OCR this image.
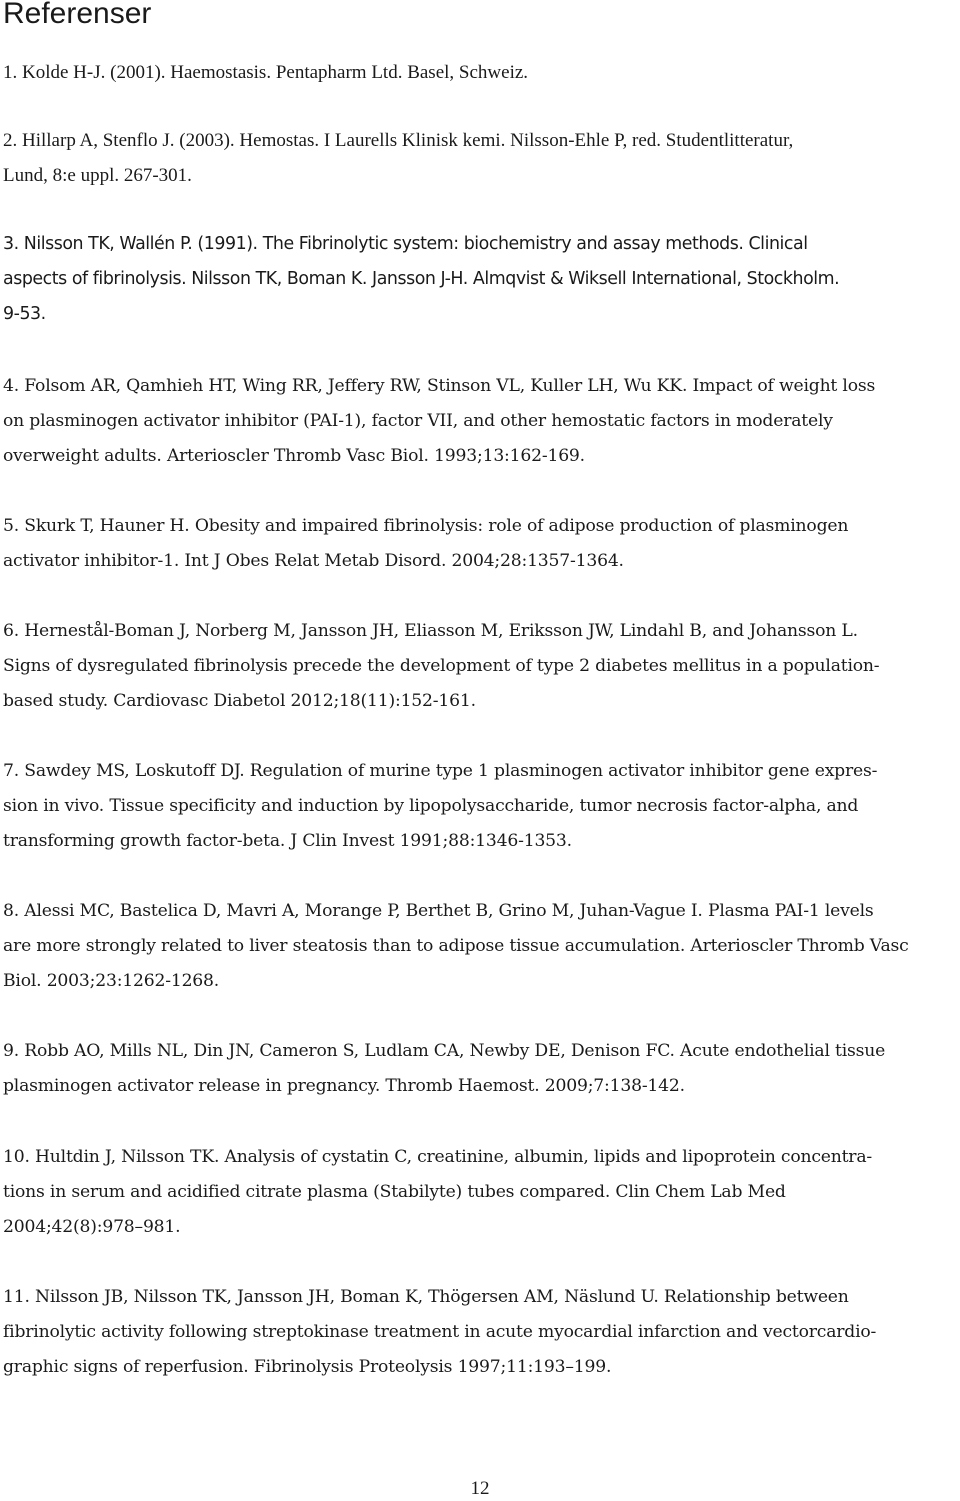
Referenser
1. Kolde H-J. (2001). Haemostasis. Pentapharm Ltd. Basel, Schweiz.
2. Hillarp A, Stenflo J. (2003). Hemostas. I Laurells Klinisk kemi. Nilsson-Ehle P, red. Studentlitteratur,
Lund, 8:e uppl. 267-301.
3. Nilsson TK, Wallén P. (1991). The Fibrinolytic system: biochemistry and assay methods. Clinical
aspects of fibrinolysis. Nilsson TK, Boman K. Jansson J-H. Almqvist & Wiksell International, Stockholm.
9-53.
4. Folsom AR, Qamhieh HT, Wing RR, Jeffery RW, Stinson VL, Kuller LH, Wu KK. Impact of weight loss
on plasminogen activator inhibitor (PAI-1), factor VII, and other hemostatic factors in moderately
overweight adults. Arterioscler Thromb Vasc Biol. 1993;13:162-169.
5. Skurk T, Hauner H. Obesity and impaired fibrinolysis: role of adipose production of plasminogen
activator inhibitor-1. Int J Obes Relat Metab Disord. 2004;28:1357-1364.
6. Hernestål-Boman J, Norberg M, Jansson JH, Eliasson M, Eriksson JW, Lindahl B, and Johansson L.
Signs of dysregulated fibrinolysis precede the development of type 2 diabetes mellitus in a population-
based study. Cardiovasc Diabetol 2012;18(11):152-161.
7. Sawdey MS, Loskutoff DJ. Regulation of murine type 1 plasminogen activator inhibitor gene expres-
sion in vivo. Tissue specificity and induction by lipopolysaccharide, tumor necrosis factor-alpha, and
transforming growth factor-beta. J Clin Invest 1991;88:1346-1353.
8. Alessi MC, Bastelica D, Mavri A, Morange P, Berthet B, Grino M, Juhan-Vague I. Plasma PAI-1 levels
are more strongly related to liver steatosis than to adipose tissue accumulation. Arterioscler Thromb Vasc
Biol. 2003;23:1262-1268.
9. Robb AO, Mills NL, Din JN, Cameron S, Ludlam CA, Newby DE, Denison FC. Acute endothelial tissue
plasminogen activator release in pregnancy. Thromb Haemost. 2009;7:138-142.
10. Hultdin J, Nilsson TK. Analysis of cystatin C, creatinine, albumin, lipids and lipoprotein concentra-
tions in serum and acidified citrate plasma (Stabilyte) tubes compared. Clin Chem Lab Med
2004;42(8):978–981.
11. Nilsson JB, Nilsson TK, Jansson JH, Boman K, Thögersen AM, Näslund U. Relationship between
fibrinolytic activity following streptokinase treatment in acute myocardial infarction and vectorcardio-
graphic signs of reperfusion. Fibrinolysis Proteolysis 1997;11:193–199.
12
